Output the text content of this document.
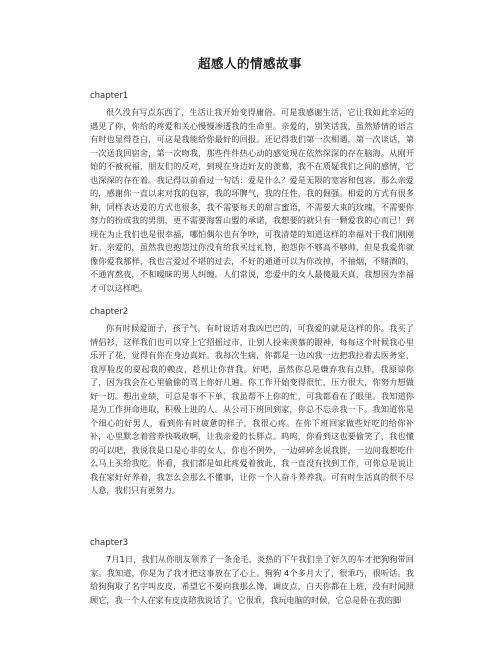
超感人的情感故事
chapter1

很久没有写点东西了，生活让我开始变得庸俗。可是我感谢生活，它让我如此幸运的遇见了你，你给的疼爱和关心慢慢渗透我的生命里。亲爱的，别笑话我，虽然矫情的语言有时也显得苍白，可这是我能给你最好的回报。还记得我们第一次相遇，第一次谈话，第一次送我回宿舍，第一次吻我，那些件件热心动的感觉现在依然深深的存在脑海。从刚开始的不被祝福，朋友们的反对，到现在身边好友的羡慕，我不在质疑我们之间的感情，它也深深的存在着。我记得以前看过一句话：爱是什么？爱是无限的宽容和包容。那么亲爱的，感谢你一直以来对我的包容，我的坏脾气，我的任性，我的倔强。相爱的方式有很多种，同样表达爱的方式也很多，我不需要每天的甜言蜜语，不需要大束的玫瑰，不需要你努力的扮成我的男朋，更不需要海誓山盟的承诺，我想要的就只有一颗爱我的心而已！到现在为止我们也是很幸福，哪怕偶尔也有争吵，可我清楚的知道这样的幸福对于我们刚刚好。亲爱的，虽然我也抱怨过你没有给我买过礼物，抱怨你不够高不够帅，但是我爱你就像你爱我那样，我也言爱过不堪的过去，不好的通通可以为你改掉，不抽烟，不赌酒的，不通宵熬夜，不和暧昧的男人纠缠。人们常说，恋爱中的女人最傻最天真，我想因为幸福才可以这样吧。

chapter2

你有时候爱面子，孩子气，有时说话对我凶巴巴的，可我爱的就是这样的你。我买了情侣衫，这样我们也可以穿上它招摇过市，让别人投来羡慕的眼神，每每这个时候我心里乐开了花，觉得有你在身边真好。我每次生病，你都是一边凶我一边把我拉着去医务室，我厚脸皮的耍起我的赖皮，趁机让你背我。好吧，虽然你总是嫌弃我有点胖，我原谅你了，因为我会在心里偷偷的骂上你好几遍。你工作开始变得很忙，压力很大，你努力想做好一切。想出业绩，可总是事不下单，我虽帮不上你的忙，可我都看在了眼里。我知道你是为工作拼命进取，积极上进的人。从公司下班回到家，你总不忘亲我一下。我知道你是个细心的好男人，看到你有时疲惫的样子，我很心疼。在你下班回家做些好吃的给你补补，心里默念着营养快吸收啊，让我亲爱的长胖点。呜呜，你看到这也要偷笑了，我也懂的可以吧，我说我是口是心非的女人，你也不例外，一边碎碎念说我胖，一边问我想吃什么马上买给我吃。你看，我们都是如此疼爱着彼此，我一直没有找到工作，可你总是说让我在家好好养着，我怎么会那么不懂事，让你一个人奋斗养养我。可有时生活真的很不尽人意，我们只有更努力。

chapter3

7月1日，我们从你朋友领养了一条金毛，炎热的下午我们坐了好久的车才把狗狗带回家。我知道，你是为了我才把这事放在了心上。狗狗 4个多月大了，很乖巧，很听话。我给狗狗取了名字叫皮皮，希望它不要向我那么馋，调皮点，白天你都在上班，没有时间照顾它，我一个人在家有皮皮陪我说话了。它很乖，我玩电脑的时候，它总是卧在我的脚
